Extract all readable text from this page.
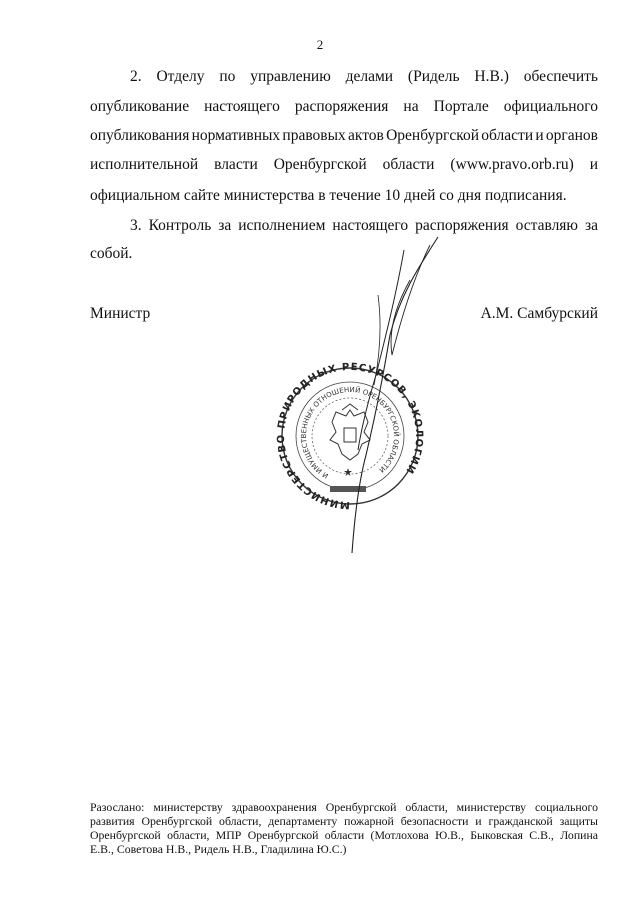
2
2. Отделу по управлению делами (Ридель Н.В.) обеспечить
опубликование настоящего распоряжения на Портале официального
опубликования нормативных правовых актов Оренбургской области и органов
исполнительной власти Оренбургской области (www.pravo.orb.ru) и
официальном сайте министерства в течение 10 дней со дня подписания.
3. Контроль за исполнением настоящего распоряжения оставляю за
собой.
Министр	А.М. Самбурский
МИНИСТЕРСТВО ПРИРОДНЫХ РЕСУРСОВ, ЭКОЛОГИИ
И ИМУЩЕСТВЕННЫХ ОТНОШЕНИЙ ОРЕНБУРГСКОЙ ОБЛАСТИ
Разослано: министерству здравоохранения Оренбургской области, министерству социального
развития Оренбургской области, департаменту пожарной безопасности и гражданской защиты
Оренбургской области, МПР Оренбургской области (Мотлохова Ю.В., Быковская С.В., Лопина
Е.В., Советова Н.В., Ридель Н.В., Гладилина Ю.С.)
